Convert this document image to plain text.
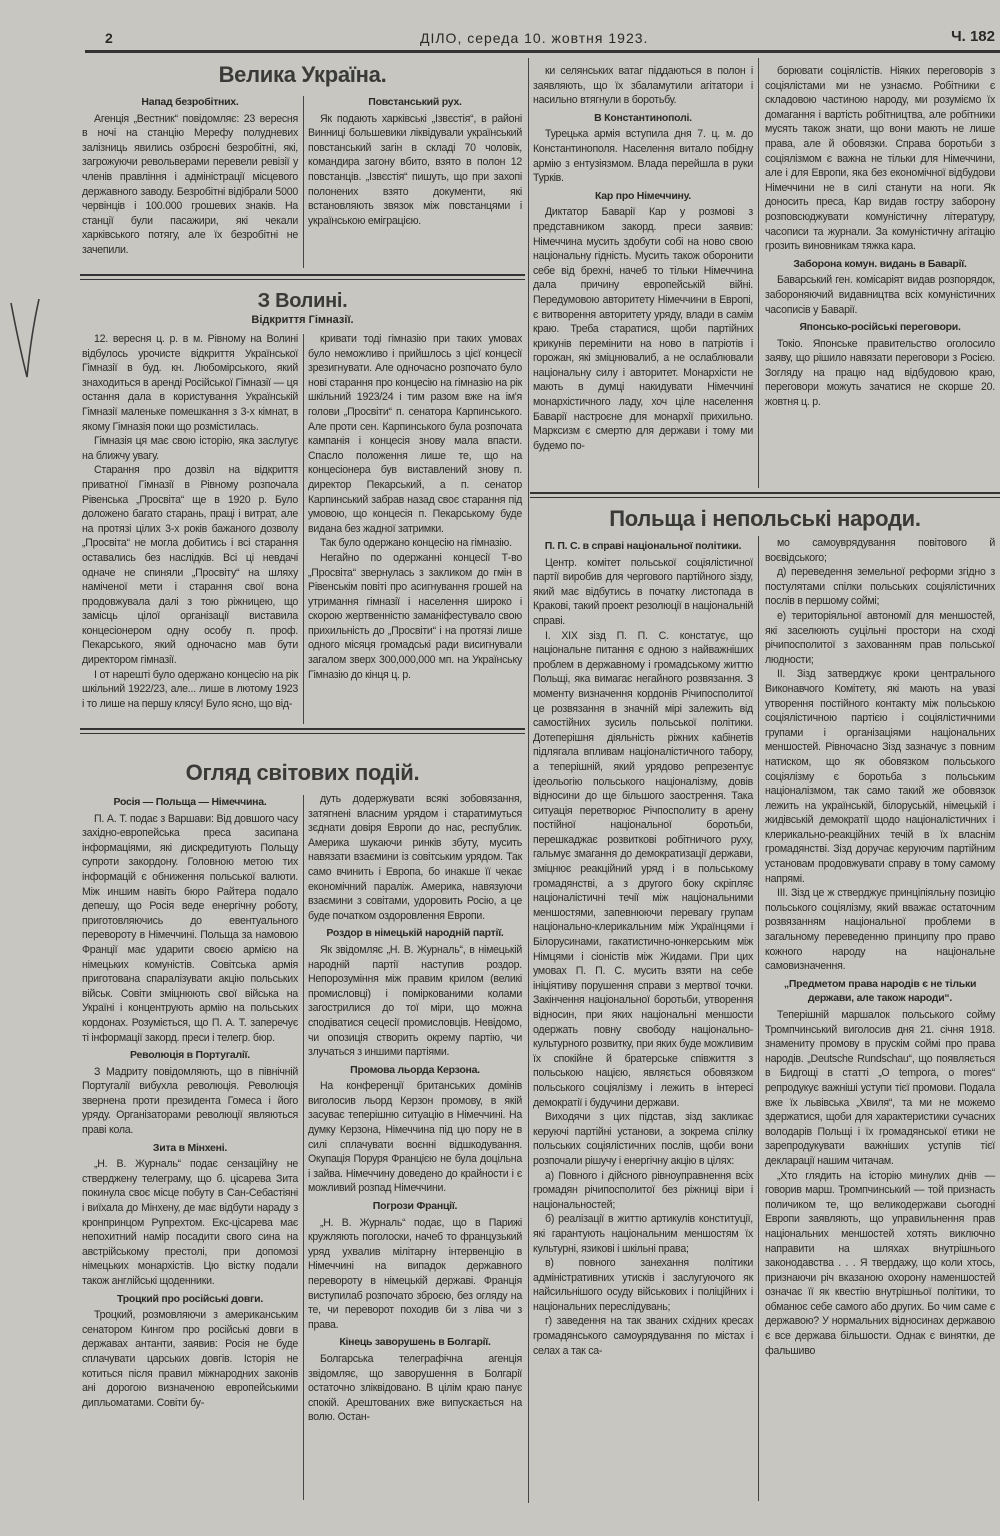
2	ДІЛО, середа 10. жовтня 1923.	Ч. 182
Велика Україна.
Напад безробітних.

Агенція „Вестник“ повідомляє: 23 вересня в ночі на станцію Мерефу полудневих залізниць явились озброєні безробітні, які, загрожуючи револьверами перевели ревізії у членів правління і адміністрації місцевого державного заводу. Безробітні відібрали 5000 червінців і 100.000 грошевих знаків. На станції були пасажири, які чекали харківського потягу, але їх безробітні не зачепили.

Повстанський рух.

Як подають харківські „Ізвєстія“, в районі Винниці большевики ліквідували український повстанський загін в складі 70 чоловік, командира загону вбито, взято в полон 12 повстанців. „Ізвєстія“ пишуть, що при захопі полонених взято документи, які встановляють звязок між повстанцями і українською еміграцією.

ки селянських ватаг піддаються в полон і заявляють, що їх збаламутили агітатори і насильно втягнули в боротьбу.

В Константинополі.

Турецька армія вступила дня 7. ц. м. до Константинополя. Населення витало побідну армію з ентузіязмом. Влада перейшла в руки Турків.

Кар про Німеччину.

Диктатор Баварії Кар у розмові з представником закорд. преси заявив: Німеччина мусить здобути собі на ново свою національну гідність. Мусить також оборонити себе від брехні, начеб то тільки Німеччина дала причину европейській війні. Передумовою авторитету Німеччини в Европі, є витворення авторитету уряду, влади в самім краю. Треба старатися, щоби партійних крикунів перемінити на ново в патріотів і горожан, які зміцнювалиб, а не ослаблювали національну силу і авторитет. Монархісти не мають в думці накидувати Німеччині монархістичного ладу, хоч ціле населення Баварії настроєне для монархії прихильно. Марксизм є смертю для держави і тому ми будемо по-

борювати соціялістів. Ніяких переговорів з соціялістами ми не узнаємо. Робітники є складовою частиною народу, ми розуміємо їх домагання і вартість робітництва, але робітники мусять також знати, що вони мають не лише права, але й обовязки. Справа боротьби з соціялізмом є важна не тільки для Німеччини, але і для Европи, яка без економічної відбудови Німеччини не в силі станути на ноги. Як доносить преса, Кар видав гостру заборону розповсюджувати комуністичну літературу, часописи та журнали. За комуністичну агітацію грозить виновникам тяжка кара.

Заборона комун. видань в Баварії.

Баварський ген. комісаріят видав розпорядок, забороняючий видавництва всіх комуністичних часописів у Баварії.

Японсько-російські переговори.

Токіо. Японське правительство оголосило заяву, що рішило навязати переговори з Росією. Зогляду на працю над відбудовою краю, переговори можуть зачатися не скорше 20. жовтня ц. р.

З Волині.
Відкриття Гімназії.

12. вересня ц. р. в м. Рівному на Волині відбулось урочисте відкриття Української Гімназії в буд. кн. Любомірського, який знаходиться в аренді Російської Гімназії — ця остання дала в користування Українській Гімназії маленьке помешкання з 3-х кімнат, в якому Гімназія поки що розмістилась.

Гімназія ця має свою історію, яка заслугує на ближчу увагу.

Старання про дозвіл на відкриття приватної Гімназії в Рівному розпочала Рівенська „Просвіта“ ще в 1920 р. Було доложено багато старань, праці і витрат, але на протязі цілих 3-х років бажаного дозволу „Просвіта“ не могла добитись і всі старання оставались без наслідків. Всі ці невдачі одначе не спиняли „Просвіту“ на шляху наміченої мети і старання свої вона продовжувала далі з тою ріжницею, що замісць цілої організації виставила концесіонером одну особу п. проф. Пекарського, який одночасно мав бути директором гімназії.

І от нарешті було одержано концесію на рік шкільний 1922/23, але... лише в лютому 1923 і то лише на першу клясу! Було ясно, що від-

кривати тоді гімназію при таких умовах було неможливо і прийшлось з цієї концесії зрезигнувати. Але одночасно розпочато було нові старання про концесію на гімназію на рік шкільний 1923/24 і тим разом вже на ім'я голови „Просвіти“ п. сенатора Карпинського. Але проти сен. Карпинського була розпочата кампанія і концесія знову мала впасти. Спасло положення лише те, що на концесіонера був виставлений знову п. директор Пекарський, а п. сенатор Карпинський забрав назад своє старання під умовою, що концесія п. Пекарському буде видана без жадної затримки.

Так було одержано концесію на гімназію.

Негайно по одержанні концесії Т-во „Просвіта“ звернулась з закликом до гмін в Рівенськім повіті про асигнування грошей на утримання гімназії і населення широко і скорою жертвенністю заманіфестувало свою прихильність до „Просвіти“ і на протязі лише одного місяця громадські ради висигнували загалом зверх 300,000,000 мп. на Українську Гімназію до кінця ц. р.

Огляд світових подій.
Росія — Польща — Німеччина.

П. А. Т. подає з Варшави: Від довшого часу західно-европейська преса засипана інформаціями, які дискредитують Польщу супроти закордону. Головною метою тих інформацій є обниження польської валюти. Між иншим навіть бюро Райтера подало депешу, що Росія веде енергічну роботу, приготовляючись до евентуального перевороту в Німеччині. Польща за намовою Франції має ударити своєю армією на німецьких комуністів. Совітська армія приготована спаралізувати акцію польських військ. Совіти зміцнюють свої війська на Україні і концентрують армію на польських кордонах. Розуміється, що П. А. Т. заперечує ті інформації закорд. преси і телегр. бюр.

Революція в Португалії.

З Мадриту повідомляють, що в північній Португалії вибухла революція. Революція звернена проти президента Гомеса і його уряду. Організаторами революції являються праві кола.

Зита в Мінхені.

„Н. В. Журналь“ подає сензаційну не стверджену телеграму, що б. цісарева Зита покинула своє місце побуту в Сан-Себастіяні і виїхала до Мінхену, де має відбути нараду з кронпринцом Рупрехтом. Екс-цісарева має непохитний намір посадити свого сина на австрійському престолі, при допомозі німецьких монархістів. Цю вістку подали також англійські щоденники.

Троцкий про російські довги.

Троцкий, розмовляючи з американським сенатором Кингом про російські довги в державах антанти, заявив: Росія не буде сплачувати царських довгів. Історія не котиться після правил міжнародних законів ані дорогою визначеною европейськими дипльоматами. Совіти бу-

дуть додержувати всякі зобовязання, затягнені власним урядом і старатимуться зєднати довіря Европи до нас, республик. Америка шукаючи ринків збуту, мусить навязати взаємини із совітським урядом. Так само вчинить і Европа, бо инакше її чекає економічний параліж. Америка, навязуючи взаємини з совітами, удоровить Росію, а це буде початком оздоровлення Европи.

Роздор в німецькій народній партії.

Як звідомляє „Н. В. Журналь“, в німецькій народній партії наступив роздор. Непорозуміння між правим крилом (великі промисловці) і поміркованими колами загострилися до тої міри, що можна сподіватися сецесії промисловців. Невідомо, чи опозиція створить окрему партію, чи злучаться з иншими партіями.

Промова льорда Керзона.

На конференції британських домінів виголосив льорд Керзон промову, в якій засуває теперішню ситуацію в Німеччині. На думку Керзона, Німеччина під цю пору не в силі сплачувати воєнні відшкодування. Окупація Поруря Францією не була доцільна і зайва. Німеччину доведено до крайности і є можливий розпад Німеччини.

Погрози Франції.

„Н. В. Журналь“ подає, що в Парижі кружляють поголоски, начеб то французький уряд ухвалив мілітарну інтервенцію в Німеччині на випадок державного перевороту в німецькій державі. Франція виступилаб розпочато зброєю, без огляду на те, чи переворот походив би з ліва чи з права.

Кінець заворушень в Болгарії.

Болгарська телеграфічна агенція звідомляє, що заворушення в Болгарії остаточно зліквідовано. В цілім краю панує спокій. Арештованих вже випускається на волю. Остан-

Польща і непольські народи.
П. П. С. в справі національної політики.

Центр. комітет польської соціялістичної партії виробив для чергового партійного зізду, який має відбутись в початку листопада в Кракові, такий проект резолюції в національній справі.

І. XIX зізд П. П. С. констатує, що національне питання є одною з найважніших проблем в державному і громадському життю Польщі, яка вимагає негайного розвязання. З моменту визначення кордонів Річипосполитої це розвязання в значній мірі залежить від самостійних зусиль польської політики. Дотеперішня діяльність ріжних кабінетів підлягала впливам націоналістичного табору, а теперішній, який урядово репрезентує ідеольогію польського націоналізму, довів відносини до ще більшого заострення. Така ситуація перетворює Річпосполиту в арену постійної національної боротьби, перешкаджає розвиткові робітничого руху, гальмує змагання до демократизації держави, зміцнює реакційний уряд і в польському громадянстві, а з другого боку скріпляє націоналістичні течії між національними меншостями, запевнюючи перевагу групам національно-клерикальним між Українцями і Білорусинами, гакатистично-юнкерським між Німцями і сіоністів між Жидами. При цих умовах П. П. С. мусить взяти на себе ініціятиву порушення справи з мертвої точки. Закінчення національної боротьби, утворення відносин, при яких національні меншости одержать повну свободу національно-культурного розвитку, при яких буде можливим їх спокійне й братерське співжиття з польською нацією, являється обовязком польського соціялізму і лежить в інтересі демократії і будучини держави.

Виходячи з цих підстав, зізд закликає керуючі партійні установи, а зокрема спілку польських соціялістичних послів, щоби вони розпочали рішучу і енергічну акцію в цілях:

а) Повного і дійсного рівноуправнення всіх громадян річипосполитої без ріжниці віри і національностей;

б) реалізації в життю артикулів конституції, які гарантують національним меншостям їх культурні, язикові і шкільні права;

в) повного занехання політики адміністративних утисків і заслугуючого як найсильнішого осуду військових і поліційних і національних переслідувань;

г) заведення на так званих східних кресах громадянського самоурядування по містах і селах а так са-

мо самоуврядування повітового й воєвідського;

д) переведення земельної реформи згідно з постулятами спілки польських соціялістичних послів в першому соймі;

е) територіяльної автономії для меншостей, які заселюють суцільні простори на сході річипосполитої з захованням прав польської людности;

ІІ. Зізд затверджує кроки центрального Виконавчого Комітету, які мають на увазі утворення постійного контакту між польською соціялістичною партією і соціялістичними групами і організаціями національних меншостей. Рівночасно Зізд зазначує з повним натиском, що як обовязком польського соціялізму є боротьба з польським націоналізмом, так само такий же обовязок лежить на українській, білоруській, німецькій і жидівській демократії щодо націоналістичних і клерикально-реакційних течій в їх власнім громадянстві. Зізд доручає керуючим партійним установам продовжувати справу в тому самому напрямі.

ІІІ. Зізд це ж стверджує принціпіяльну позицію польського соціялізму, який вважає остаточним розвязанням національної проблеми в загальному переведенню принципу про право кожного народу на національне самовизначення.

„Предметом права народів є не тільки держави, але також народи“.

Теперішній маршалок польського сойму Тромпчинський виголосив дня 21. січня 1918. знамениту промову в прускім соймі про права народів. „Deutsche Rundschau“, що появляється в Бидгощі в статті „O tempora, o mores“ репродукує важніші уступи тієї промови. Подала вже їх львівська „Хвиля“, та ми не можемо здержатися, щоби для характеристики сучасних володарів Польщі і їх громадянської етики не зарепродукувати важніших уступів тієї декларації нашим читачам.

„Хто глядить на історію минулих днів — говорив марш. Тромпчинський — той признасть поличиком те, що великодержави сьогодні Европи заявляють, що управильнення прав національних меншостей хотять виключно направити на шляхах внутрішнього законодавства . . . Я твердажу, що коли хтось, признаючи річ вказаною охорону наменшостей означає її як квестію внутрішньої політики, то обманює себе самого або других. Бо чим саме є державою? У нормальних відносинах державою є все держава більшости. Однак є винятки, де фальшиво
